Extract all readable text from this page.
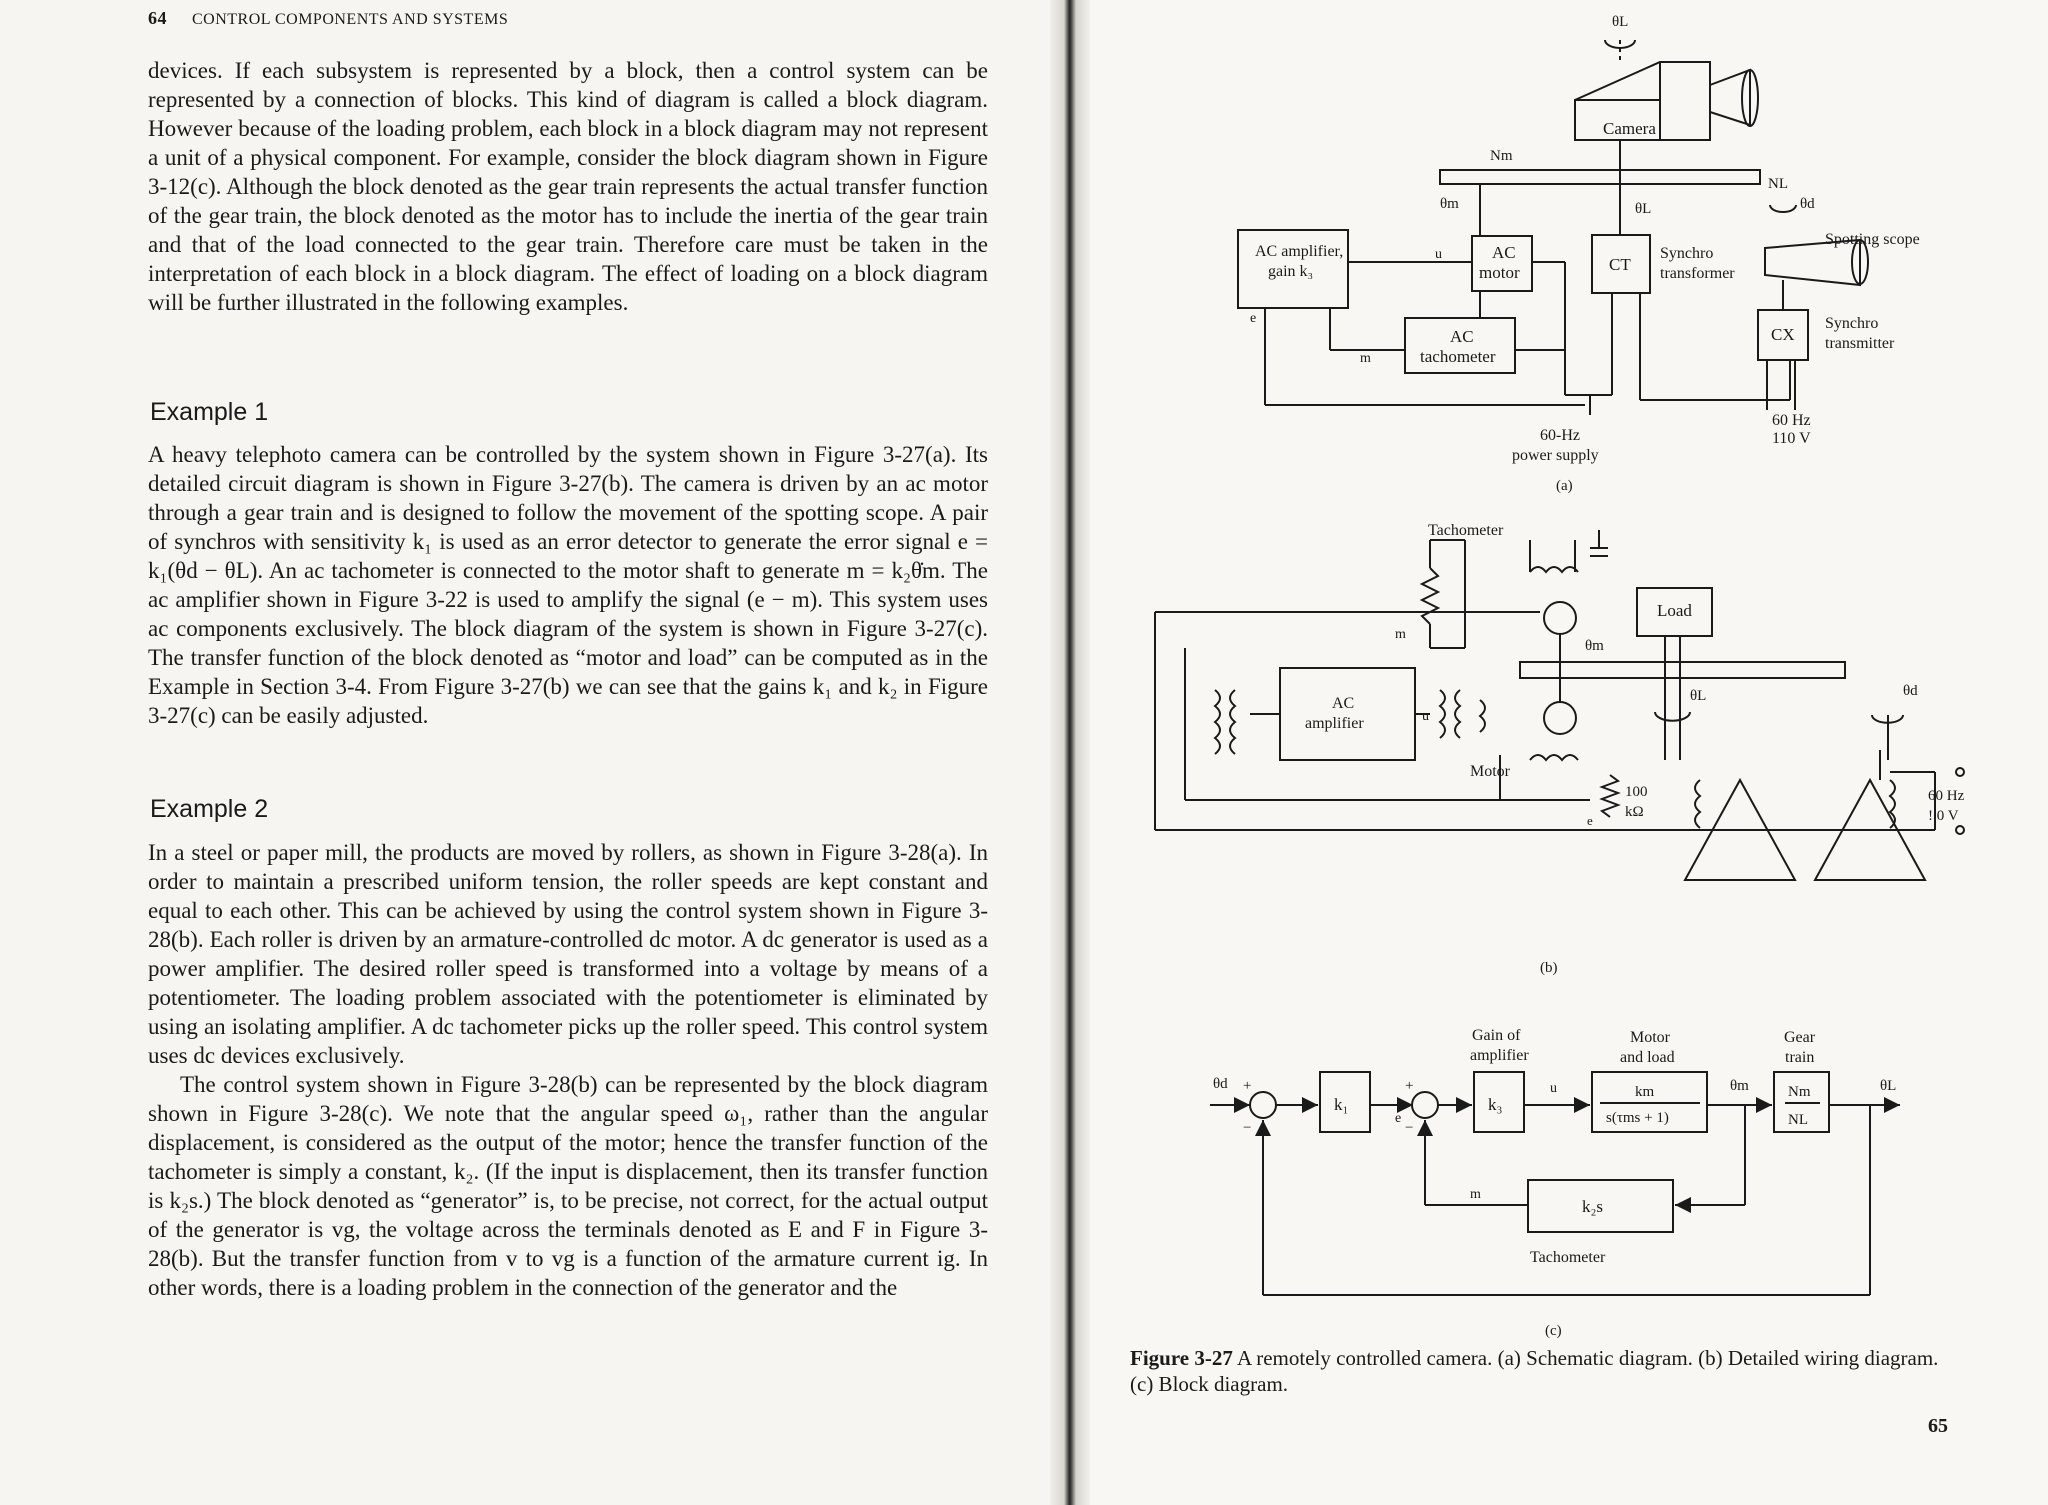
64 CONTROL COMPONENTS AND SYSTEMS

devices. If each subsystem is represented by a block, then a control system can be represented by a connection of blocks. This kind of diagram is called a block diagram. However because of the loading problem, each block in a block diagram may not represent a unit of a physical component. For example, consider the block diagram shown in Figure 3-12(c). Although the block denoted as the gear train represents the actual transfer function of the gear train, the block denoted as the motor has to include the inertia of the gear train and that of the load connected to the gear train. Therefore care must be taken in the interpretation of each block in a block diagram. The effect of loading on a block diagram will be further illustrated in the following examples.

Example 1

A heavy telephoto camera can be controlled by the system shown in Figure 3-27(a). Its detailed circuit diagram is shown in Figure 3-27(b). The camera is driven by an ac motor through a gear train and is designed to follow the movement of the spotting scope. A pair of synchros with sensitivity k₁ is used as an error detector to generate the error signal e = k₁(θd − θL). An ac tachometer is connected to the motor shaft to generate m = k₂θ̇m. The ac amplifier shown in Figure 3-22 is used to amplify the signal (e − m). This system uses ac components exclusively. The block diagram of the system is shown in Figure 3-27(c). The transfer function of the block denoted as “motor and load” can be computed as in the Example in Section 3-4. From Figure 3-27(b) we can see that the gains k₁ and k₂ in Figure 3-27(c) can be easily adjusted.

Example 2

In a steel or paper mill, the products are moved by rollers, as shown in Figure 3-28(a). In order to maintain a prescribed uniform tension, the roller speeds are kept constant and equal to each other. This can be achieved by using the control system shown in Figure 3-28(b). Each roller is driven by an armature-controlled dc motor. A dc generator is used as a power amplifier. The desired roller speed is transformed into a voltage by means of a potentiometer. The loading problem associated with the potentiometer is eliminated by using an isolating amplifier. A dc tachometer picks up the roller speed. This control system uses dc devices exclusively.

The control system shown in Figure 3-28(b) can be represented by the block diagram shown in Figure 3-28(c). We note that the angular speed ω₁, rather than the angular displacement, is considered as the output of the motor; hence the transfer function of the tachometer is simply a constant, k₂. (If the input is displacement, then its transfer function is k₂s.) The block denoted as “generator” is, to be precise, not correct, for the actual output of the generator is vg, the voltage across the terminals denoted as E and F in Figure 3-28(b). But the transfer function from v to vg is a function of the armature current ig. In other words, there is a loading problem in the connection of the generator and the

Camera
θL
Nm
NL
θm	θL	θd
AC amplifier,
gain k₃
u	AC
motor	CT
Synchro
transformer
Spotting scope
CX
Synchro
transmitter
e
m
AC
tachometer
60-Hz
power supply
60 Hz
110 V
(a)
Tachometer
Load
m
θm
θL	θd
AC
amplifier	u
Motor
100
kΩ
e
60 Hz
!.0 V
(b)
Gain of
amplifier
Motor
and load
Gear
train
θd +
−
k₁
+
−
e
k₃
u	km
s(τms + 1)
θm	Nm
NL
θL
m
k₂s
Tachometer
(c)
Figure 3-27 A remotely controlled camera. (a) Schematic diagram. (b) Detailed wiring diagram. (c) Block diagram.
65
